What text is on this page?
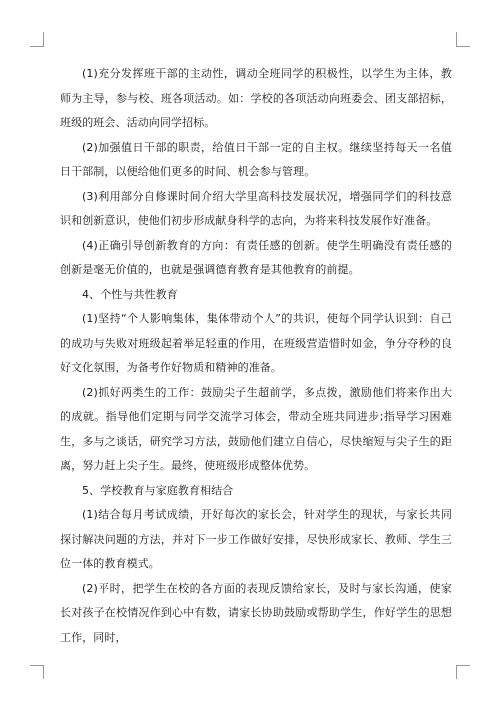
(1)充分发挥班干部的主动性，调动全班同学的积极性，以学生为主体，教师为主导，参与校、班各项活动。如：学校的各项活动向班委会、团支部招标，班级的班会、活动向同学招标。

(2)加强值日干部的职责，给值日干部一定的自主权。继续坚持每天一名值日干部制，以便给他们更多的时间、机会参与管理。

(3)利用部分自修课时间介绍大学里高科技发展状况，增强同学们的科技意识和创新意识，使他们初步形成献身科学的志向，为将来科技发展作好准备。

(4)正确引导创新教育的方向：有责任感的创新。使学生明确没有责任感的创新是毫无价值的，也就是强调德育教育是其他教育的前提。

4、个性与共性教育

(1)坚持“个人影响集体，集体带动个人”的共识，使每个同学认识到：自己的成功与失败对班级起着举足轻重的作用，在班级营造惜时如金，争分夺秒的良好文化氛围，为备考作好物质和精神的准备。

(2)抓好两类生的工作：鼓励尖子生超前学，多点拨，激励他们将来作出大的成就。指导他们定期与同学交流学习体会，带动全班共同进步;指导学习困难生，多与之谈话，研究学习方法，鼓励他们建立自信心，尽快缩短与尖子生的距离，努力赶上尖子生。最终，使班级形成整体优势。

5、学校教育与家庭教育相结合

(1)结合每月考试成绩，开好每次的家长会，针对学生的现状，与家长共同探讨解决问题的方法，并对下一步工作做好安排，尽快形成家长、教师、学生三位一体的教育模式。

(2)平时，把学生在校的各方面的表现反馈给家长，及时与家长沟通，使家长对孩子在校情况作到心中有数，请家长协助鼓励或帮助学生，作好学生的思想工作，同时，
